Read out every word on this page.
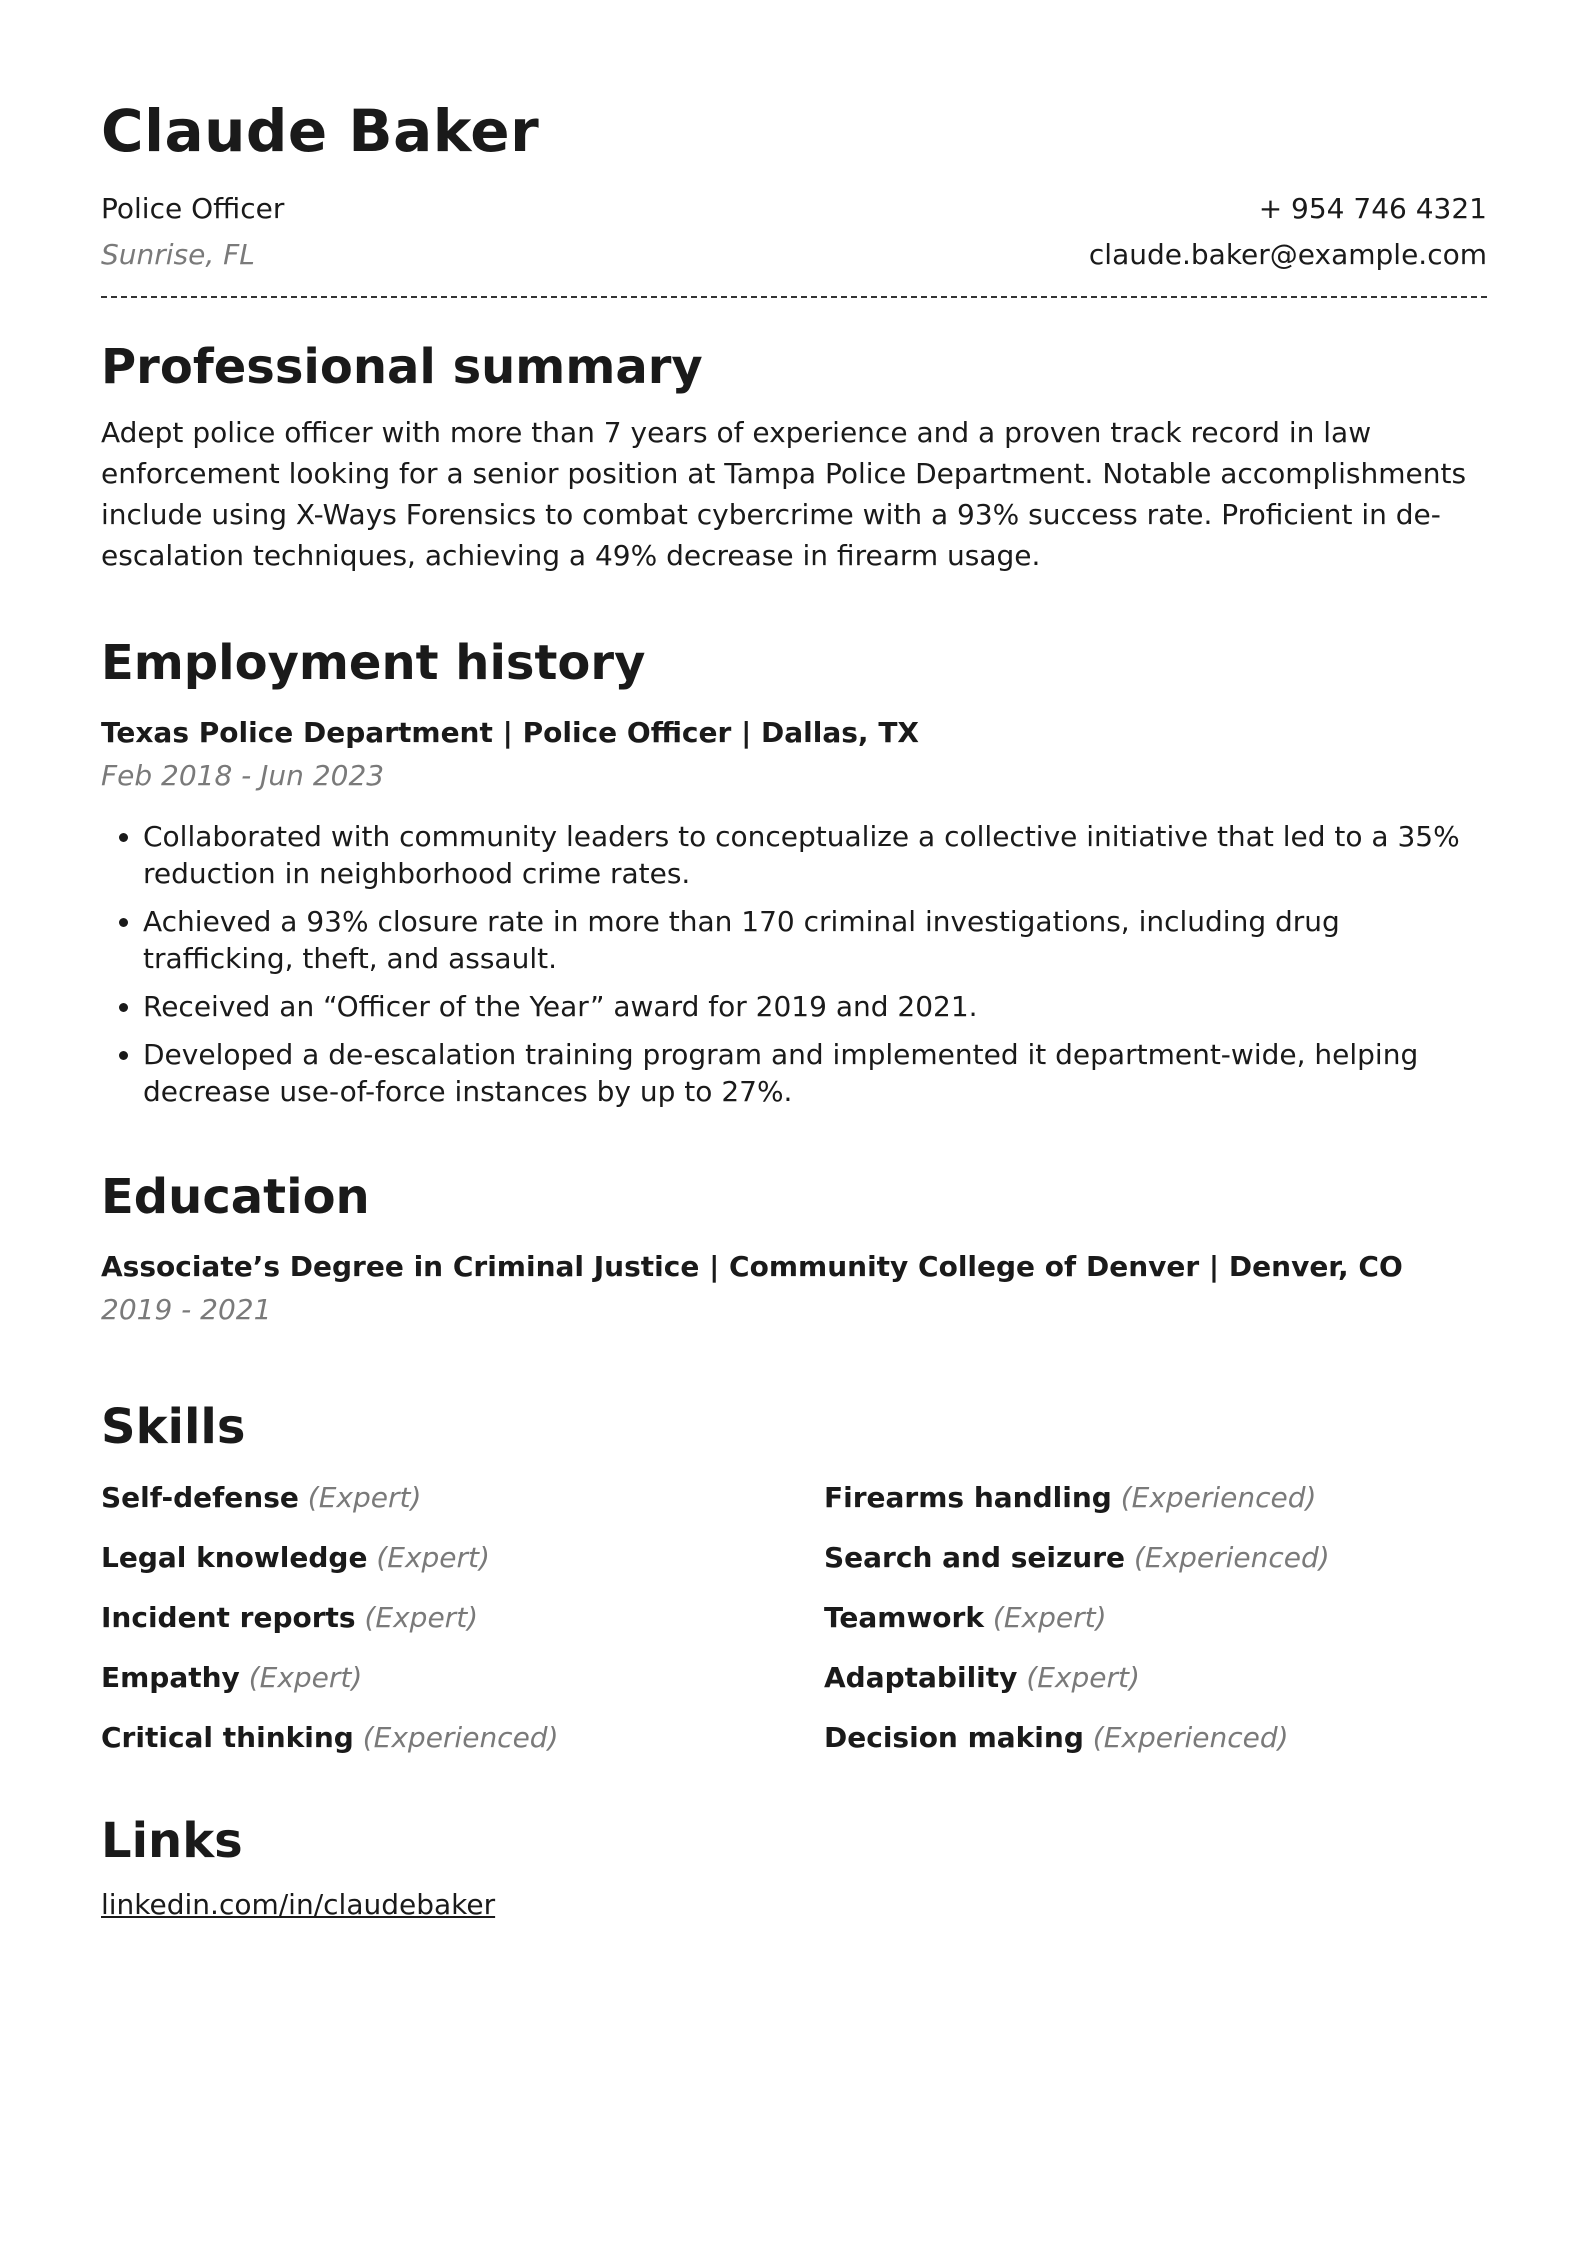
Claude Baker
Police Officer
Sunrise, FL
+ 954 746 4321
claude.baker@example.com
Professional summary

Adept police officer with more than 7 years of experience and a proven track record in law enforcement looking for a senior position at Tampa Police Department. Notable accomplishments include using X-Ways Forensics to combat cybercrime with a 93% success rate. Proficient in de-escalation techniques, achieving a 49% decrease in firearm usage.

Employment history
Texas Police Department | Police Officer | Dallas, TX
Feb 2018 - Jun 2023
• Collaborated with community leaders to conceptualize a collective initiative that led to a 35% reduction in neighborhood crime rates.
• Achieved a 93% closure rate in more than 170 criminal investigations, including drug trafficking, theft, and assault.
• Received an “Officer of the Year” award for 2019 and 2021.
• Developed a de-escalation training program and implemented it department-wide, helping decrease use-of-force instances by up to 27%.
Education
Associate’s Degree in Criminal Justice | Community College of Denver | Denver, CO
2019 - 2021
Skills
Self-defense (Expert)	Firearms handling (Experienced)
Legal knowledge (Expert)	Search and seizure (Experienced)
Incident reports (Expert)	Teamwork (Expert)
Empathy (Expert)	Adaptability (Expert)
Critical thinking (Experienced)	Decision making (Experienced)
Links
linkedin.com/in/claudebaker
